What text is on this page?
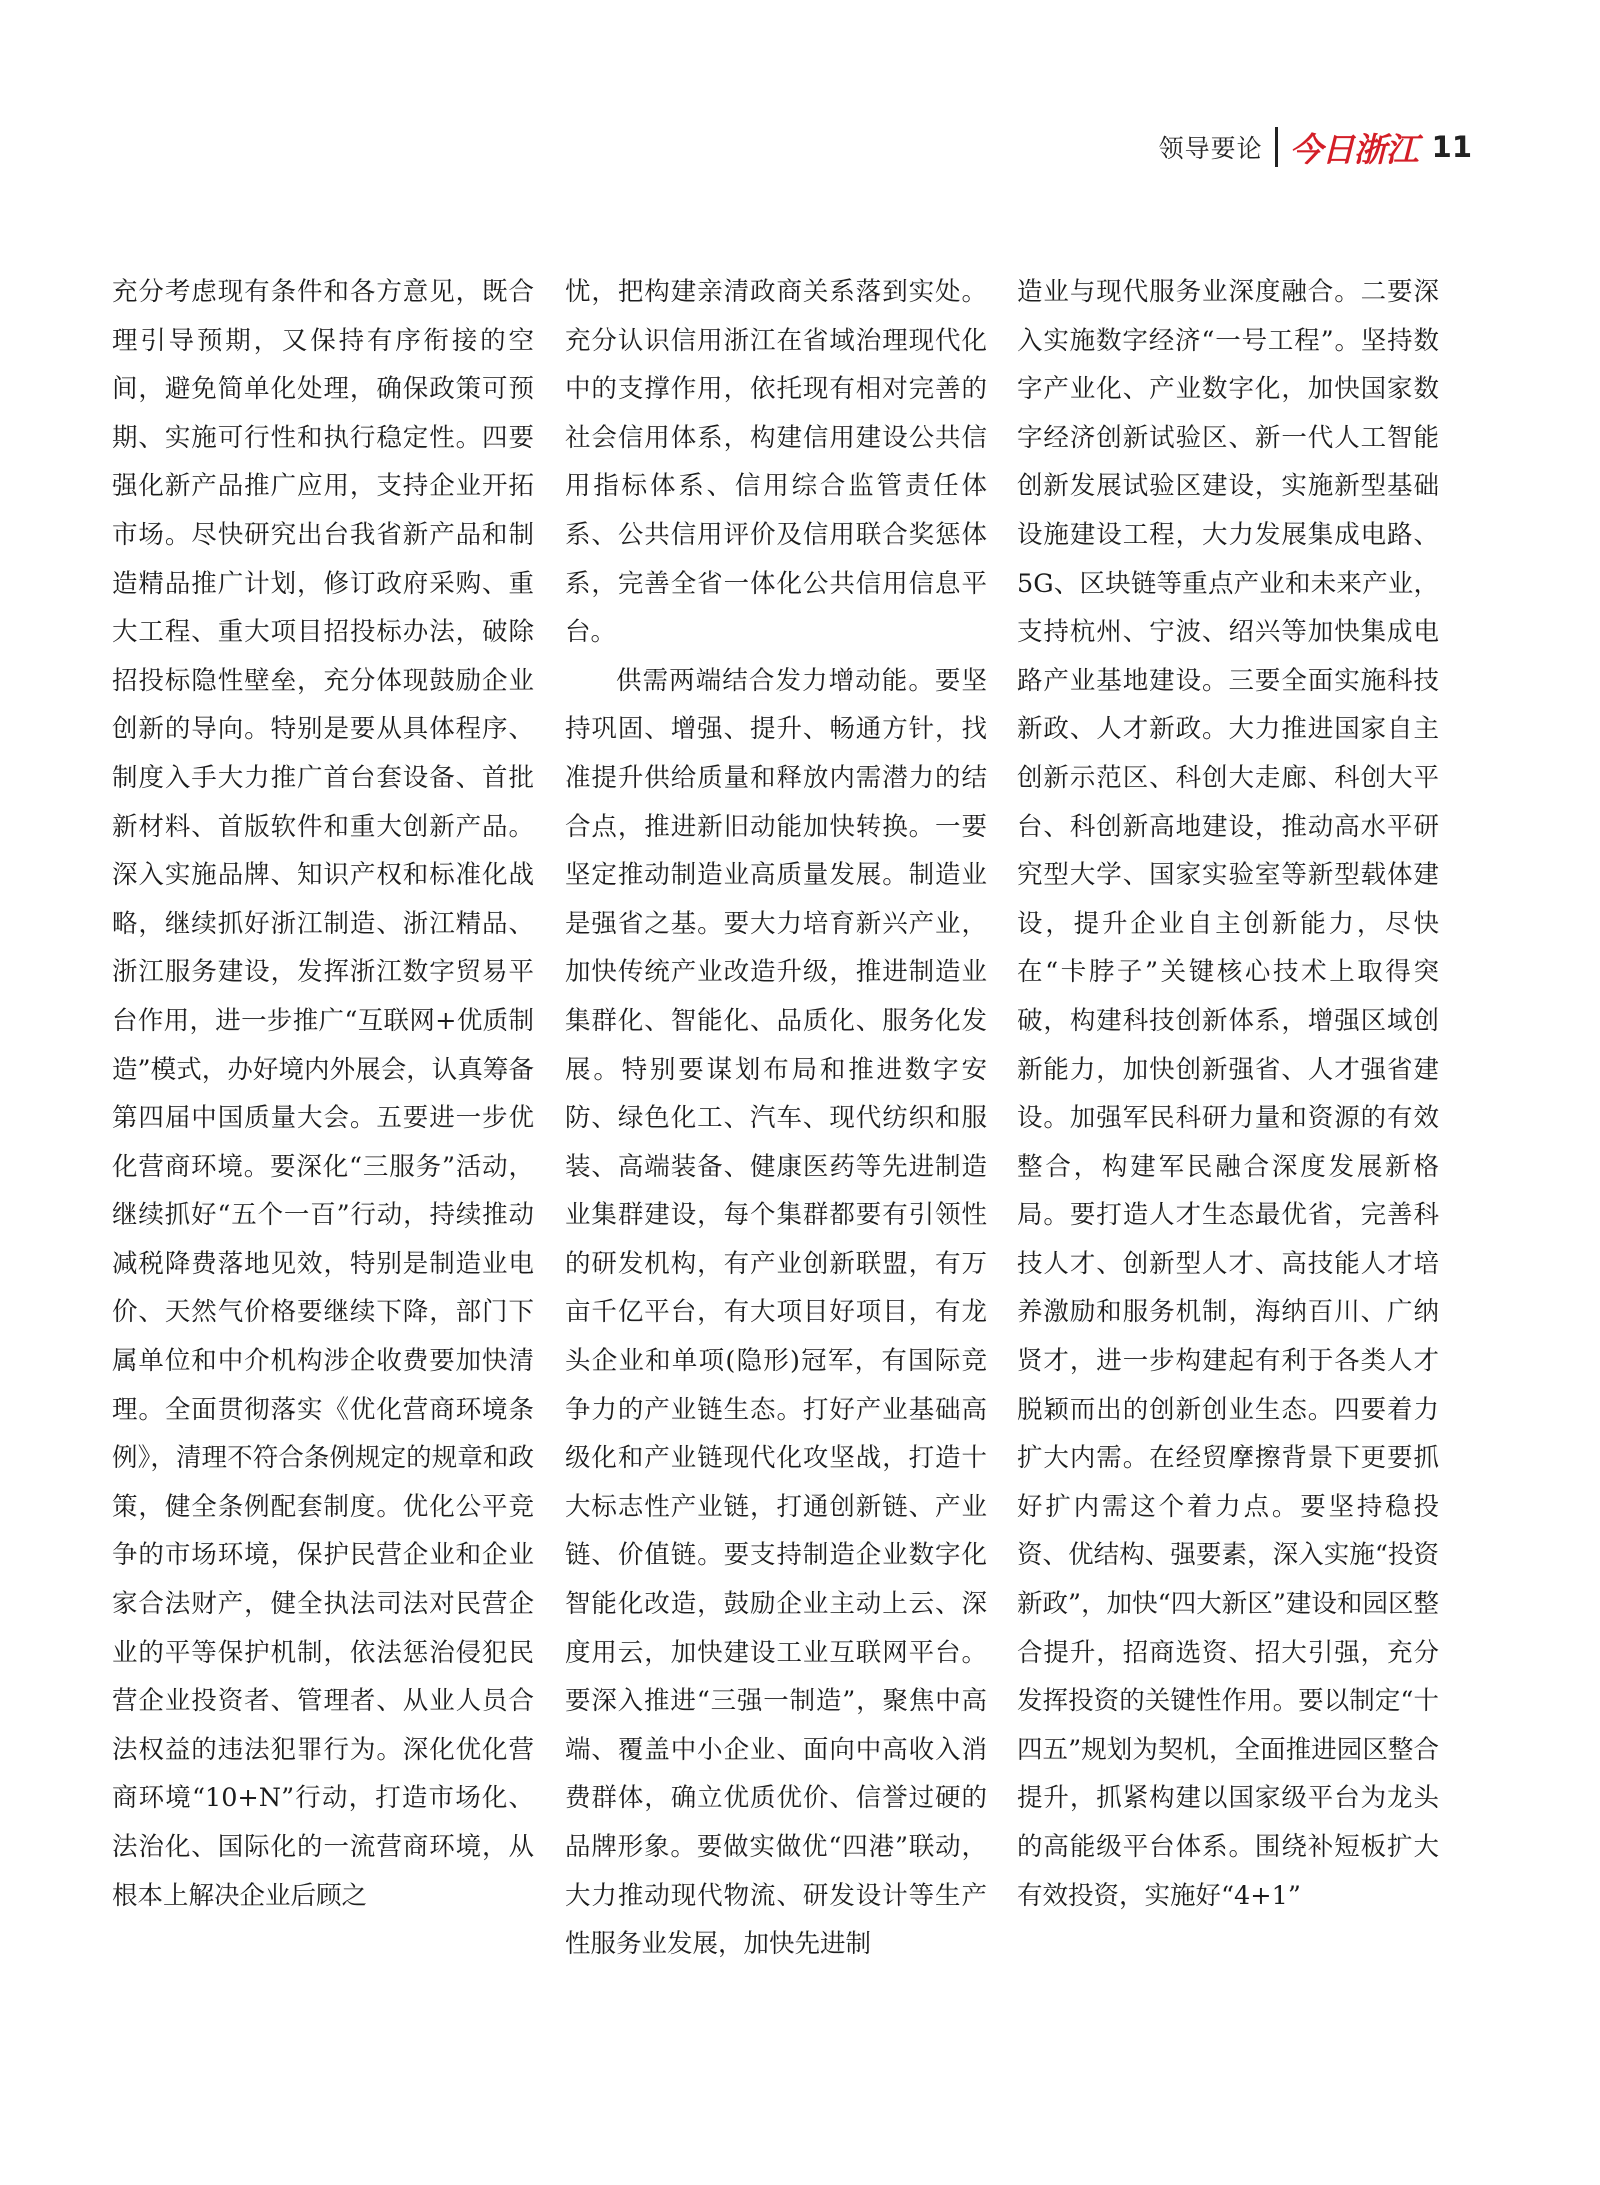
领导要论 今日浙江 11

充分考虑现有条件和各方意见，既合理引导预期，又保持有序衔接的空间，避免简单化处理，确保政策可预期、实施可行性和执行稳定性。四要强化新产品推广应用，支持企业开拓市场。尽快研究出台我省新产品和制造精品推广计划，修订政府采购、重大工程、重大项目招投标办法，破除招投标隐性壁垒，充分体现鼓励企业创新的导向。特别是要从具体程序、制度入手大力推广首台套设备、首批新材料、首版软件和重大创新产品。深入实施品牌、知识产权和标准化战略，继续抓好浙江制造、浙江精品、浙江服务建设，发挥浙江数字贸易平台作用，进一步推广“互联网+优质制造”模式，办好境内外展会，认真筹备第四届中国质量大会。五要进一步优化营商环境。要深化“三服务”活动，继续抓好“五个一百”行动，持续推动减税降费落地见效，特别是制造业电价、天然气价格要继续下降，部门下属单位和中介机构涉企收费要加快清理。全面贯彻落实《优化营商环境条例》，清理不符合条例规定的规章和政策，健全条例配套制度。优化公平竞争的市场环境，保护民营企业和企业家合法财产，健全执法司法对民营企业的平等保护机制，依法惩治侵犯民营企业投资者、管理者、从业人员合法权益的违法犯罪行为。深化优化营商环境“10+N”行动，打造市场化、法治化、国际化的一流营商环境，从根本上解决企业后顾之

忧，把构建亲清政商关系落到实处。充分认识信用浙江在省域治理现代化中的支撑作用，依托现有相对完善的社会信用体系，构建信用建设公共信用指标体系、信用综合监管责任体系、公共信用评价及信用联合奖惩体系，完善全省一体化公共信用信息平台。

供需两端结合发力增动能。要坚持巩固、增强、提升、畅通方针，找准提升供给质量和释放内需潜力的结合点，推进新旧动能加快转换。一要坚定推动制造业高质量发展。制造业是强省之基。要大力培育新兴产业，加快传统产业改造升级，推进制造业集群化、智能化、品质化、服务化发展。特别要谋划布局和推进数字安防、绿色化工、汽车、现代纺织和服装、高端装备、健康医药等先进制造业集群建设，每个集群都要有引领性的研发机构，有产业创新联盟，有万亩千亿平台，有大项目好项目，有龙头企业和单项(隐形)冠军，有国际竞争力的产业链生态。打好产业基础高级化和产业链现代化攻坚战，打造十大标志性产业链，打通创新链、产业链、价值链。要支持制造企业数字化智能化改造，鼓励企业主动上云、深度用云，加快建设工业互联网平台。要深入推进“三强一制造”，聚焦中高端、覆盖中小企业、面向中高收入消费群体，确立优质优价、信誉过硬的品牌形象。要做实做优“四港”联动，大力推动现代物流、研发设计等生产性服务业发展，加快先进制

造业与现代服务业深度融合。二要深入实施数字经济“一号工程”。坚持数字产业化、产业数字化，加快国家数字经济创新试验区、新一代人工智能创新发展试验区建设，实施新型基础设施建设工程，大力发展集成电路、5G、区块链等重点产业和未来产业，支持杭州、宁波、绍兴等加快集成电路产业基地建设。三要全面实施科技新政、人才新政。大力推进国家自主创新示范区、科创大走廊、科创大平台、科创新高地建设，推动高水平研究型大学、国家实验室等新型载体建设，提升企业自主创新能力，尽快在“卡脖子”关键核心技术上取得突破，构建科技创新体系，增强区域创新能力，加快创新强省、人才强省建设。加强军民科研力量和资源的有效整合，构建军民融合深度发展新格局。要打造人才生态最优省，完善科技人才、创新型人才、高技能人才培养激励和服务机制，海纳百川、广纳贤才，进一步构建起有利于各类人才脱颖而出的创新创业生态。四要着力扩大内需。在经贸摩擦背景下更要抓好扩内需这个着力点。要坚持稳投资、优结构、强要素，深入实施“投资新政”，加快“四大新区”建设和园区整合提升，招商选资、招大引强，充分发挥投资的关键性作用。要以制定“十四五”规划为契机，全面推进园区整合提升，抓紧构建以国家级平台为龙头的高能级平台体系。围绕补短板扩大有效投资，实施好“4+1”
